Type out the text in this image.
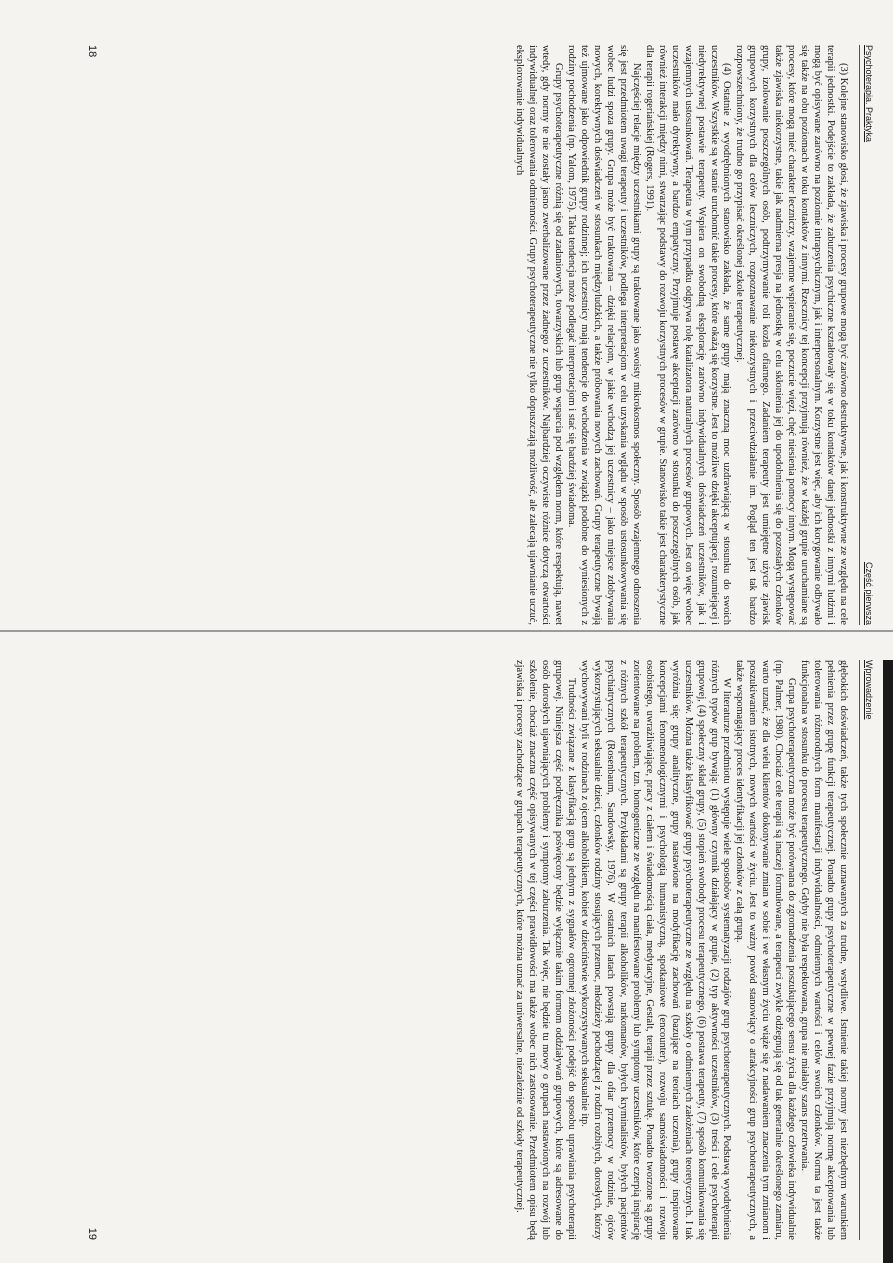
Psychoterapia. Praktyka
Część pierwsza

(3) Kolejne stanowisko głosi, że zjawiska i procesy grupowe mogą być zarówno destruktywne, jak i konstruktywne ze względu na cele terapii jednostki. Podejście to zakłada, że zaburzenia psychiczne kształtowały się w toku kontaktów danej jednostki z innymi ludźmi i mogą być opisywane zarówno na poziomie intrapsychicznym, jak i interpersonalnym. Korzystne jest więc, aby ich korygowanie odbywało się także na obu poziomach w toku kontaktów z innymi. Rzecznicy tej koncepcji przyjmują również, że w każdej grupie uruchamiane są procesy, które mogą mieć charakter leczniczy, wzajemne wspieranie się, poczucie więzi, chęć niesienia pomocy innym. Mogą występować także zjawiska niekorzystne, takie jak nadmierna presja na jednostkę w celu skłonienia jej do upodobnienia się do pozostałych członków grupy, izolowanie poszczególnych osób, podtrzymywanie roli kozła ofiarnego. Zadaniem terapeuty jest umiejętne użycie zjawisk grupowych korzystnych dla celów leczniczych, rozpoznawanie niekorzystnych i przeciwdziałanie im. Pogląd ten jest tak bardzo rozpowszechniony, że trudno go przypisać określonej szkole terapeutycznej.

(4) Ostatnie z wyodrębnionych stanowisko zakłada, że same grupy mają znaczną moc uzdrawiającą w stosunku do swoich uczestników. Wszystkie są w stanie uruchomić takie procesy, które okażą się korzystne. Jest to możliwe dzięki akceptującej, rozumiejącej i niedyrektywnej postawie terapeuty. Wspiera on swobodną eksplorację zarówno indywidualnych doświadczeń uczestników, jak i wzajemnych ustosunkowań. Terapeuta w tym przypadku odgrywa rolę katalizatora naturalnych procesów grupowych. Jest on więc wobec uczestników mało dyrektywny, a bardzo empatyczny. Przyjmuje postawę akceptacji zarówno w stosunku do poszczególnych osób, jak również interakcji między nimi, stwarzając podstawy do rozwoju korzystnych procesów w grupie. Stanowisko takie jest charakterystyczne dla terapii rogeriańskiej (Rogers, 1991).

Najczęściej relacje między uczestnikami grupy są traktowane jako swoisty mikrokosmos społeczny. Sposób wzajemnego odnoszenia się jest przedmiotem uwagi terapeuty i uczestników, podlega interpretacjom w celu uzyskania wglądu w sposób ustosunkowywania się wobec ludzi spoza grupy. Grupa może być traktowana – dzięki relacjom, w jakie wchodzą jej uczestnicy – jako miejsce zdobywania nowych, korektywnych doświadczeń w stosunkach międzyludzkich, a także próbowania nowych zachowań. Grupy terapeutyczne bywają też ujmowane jako odpowiednik grupy rodzinnej; ich uczestnicy mają tendencje do wchodzenia w związki podobne do wyniesionych z rodziny pochodzenia (np. Yalom, 1975). Taka tendencja może podlegać interpretacjom i stać się bardziej świadoma.

Grupy psychoterapeutyczne różnią się od zadaniowych, towarzyskich lub grup wsparcia pod względem norm, które respektują, nawet wtedy, gdy normy te nie zostały jasno zwerbalizowane przez żadnego z uczestników. Najbardziej oczywiste różnice dotyczą otwartości indywidualnej oraz tolerowania odmienności. Grupy psychoterapeutyczne nie tylko dopuszczają możliwość, ale zalecają ujawnianie uczuć, eksplorowanie indywidualnych

18
Wprowadzenie

głębokich doświadczeń, także tych społecznie uznawanych za trudne, wstydliwe. Istnienie takiej normy jest niezbędnym warunkiem pełnienia przez grupę funkcji terapeutycznej. Ponadto grupy psychoterapeutyczne w pewnej fazie przyjmują normę akceptowania lub tolerowania różnorodnych form manifestacji indywidualności, odmiennych wartości i celów swoich członków. Norma ta jest także funkcjonalna w stosunku do procesu terapeutycznego. Gdyby nie była respektowana, grupa nie miałaby szans przetrwania.

Grupa psychoterapeutyczna może być porównana do zgromadzenia poszukującego sensu życia dla każdego człowieka indywidualnie (np. Palmer, 1980). Chociaż cele terapii są inaczej formułowane, a terapeuci zwykle odżegnują się od tak generalnie określonego zamiaru, warto uznać, że dla wielu klientów dokonywanie zmian w sobie i we własnym życiu wiąże się z nadawaniem znaczenia tym zmianom i poszukiwaniem istotnych, nowych wartości w życiu. Jest to ważny powód stanowiący o atrakcyjności grup psychoterapeutycznych, a także wspomagający proces identyfikacji jej członków z całą grupą.

W literaturze przedmiotu występuje wiele sposobów systematyzacji rodzajów grup psychoterapeutycznych. Podstawą wyodrębnienia różnych typów grup bywają: (1) główny czynnik działający w grupie, (2) typ aktywności uczestników, (3) treści i cele psychoterapii grupowej, (4) społeczny skład grupy, (5) stopień swobody procesu terapeutycznego, (6) postawa terapeuty, (7) sposób komunikowania się uczestników. Można także klasyfikować grupy psychoterapeutyczne ze względu na szkoły o odmiennych założeniach teoretycznych. I tak wyróżnia się: grupy analityczne, grupy nastawione na modyfikację zachowań (bazujące na teoriach uczenia), grupy inspirowane koncepcjami fenomenologicznymi i psychologią humanistyczną, spotkaniowe (encounter), rozwoju samoświadomości i rozwoju osobistego, uwrażliwiające, pracy z ciałem i świadomością ciała, medytacyjne, Gestalt, terapii przez sztukę. Ponadto tworzone są grupy zorientowane na problem, tzn. homogeniczne ze względu na manifestowane problemy lub symptomy uczestników, które czerpią inspirację z różnych szkół terapeutycznych. Przykładami są grupy terapii alkoholików, narkomanów, byłych kryminalistów, byłych pacjentów psychiatrycznych (Rosenbaum, Sandowsky, 1976). W ostatnich latach powstają grupy dla ofiar przemocy w rodzinie, ojców wykorzystujących seksualnie dzieci, członków rodziny stosujących przemoc, młodzieży pochodzącej z rodzin rozbitych, dorosłych, którzy wychowywani byli w rodzinach z ojcem alkoholikiem, kobiet w dzieciństwie wykorzystywanych seksualnie itp.

Trudności związane z klasyfikacją grup są jednym z sygnałów ogromnej złożoności podejść do sposobu uprawiania psychoterapii grupowej. Niniejsza część podręcznika poświęcony będzie wyłącznie takim formom oddziaływań grupowych, które są adresowane do osób dorosłych ujawniających problemy i symptomy zaburzenia. Tak więc, nie będzie tu mowy o grupach nastawionych na rozwój lub szkolenie, chociaż znaczna część opisywanych w tej części prawidłowości ma także wobec nich zastosowanie. Przedmiotem opisu będą zjawiska i procesy zachodzące w grupach terapeutycznych, które można uznać za uniwersalne, niezależnie od szkoły terapeutycznej.

19
